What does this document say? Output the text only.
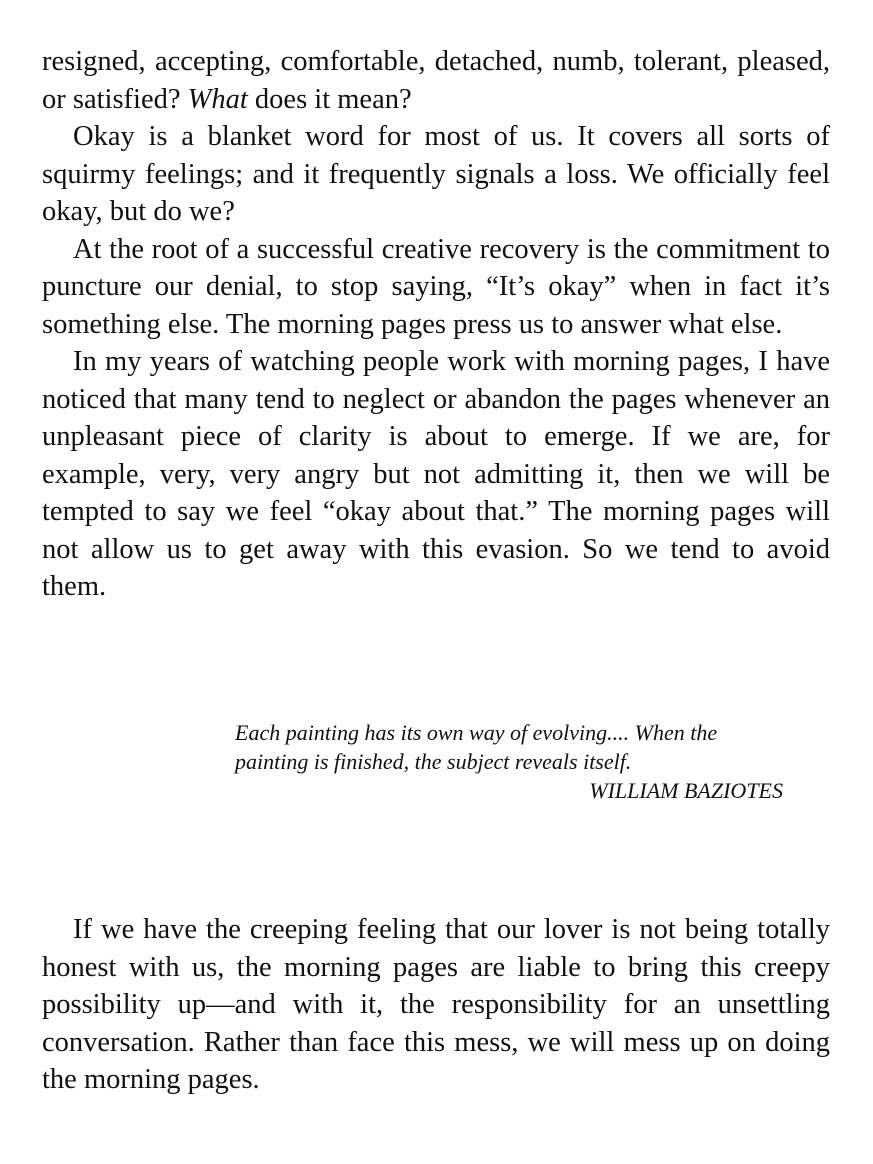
resigned, accepting, comfortable, detached, numb, tolerant, pleased, or satisfied? What does it mean?

Okay is a blanket word for most of us. It covers all sorts of squirmy feelings; and it frequently signals a loss. We officially feel okay, but do we?

At the root of a successful creative recovery is the commitment to puncture our denial, to stop saying, “It’s okay” when in fact it’s something else. The morning pages press us to answer what else.

In my years of watching people work with morning pages, I have noticed that many tend to neglect or abandon the pages whenever an unpleasant piece of clarity is about to emerge. If we are, for example, very, very angry but not admitting it, then we will be tempted to say we feel “okay about that.” The morning pages will not allow us to get away with this evasion. So we tend to avoid them.

Each painting has its own way of evolving.... When the painting is finished, the subject reveals itself.

WILLIAM BAZIOTES

If we have the creeping feeling that our lover is not being totally honest with us, the morning pages are liable to bring this creepy possibility up—and with it, the responsibility for an unsettling conversation. Rather than face this mess, we will mess up on doing the morning pages.
